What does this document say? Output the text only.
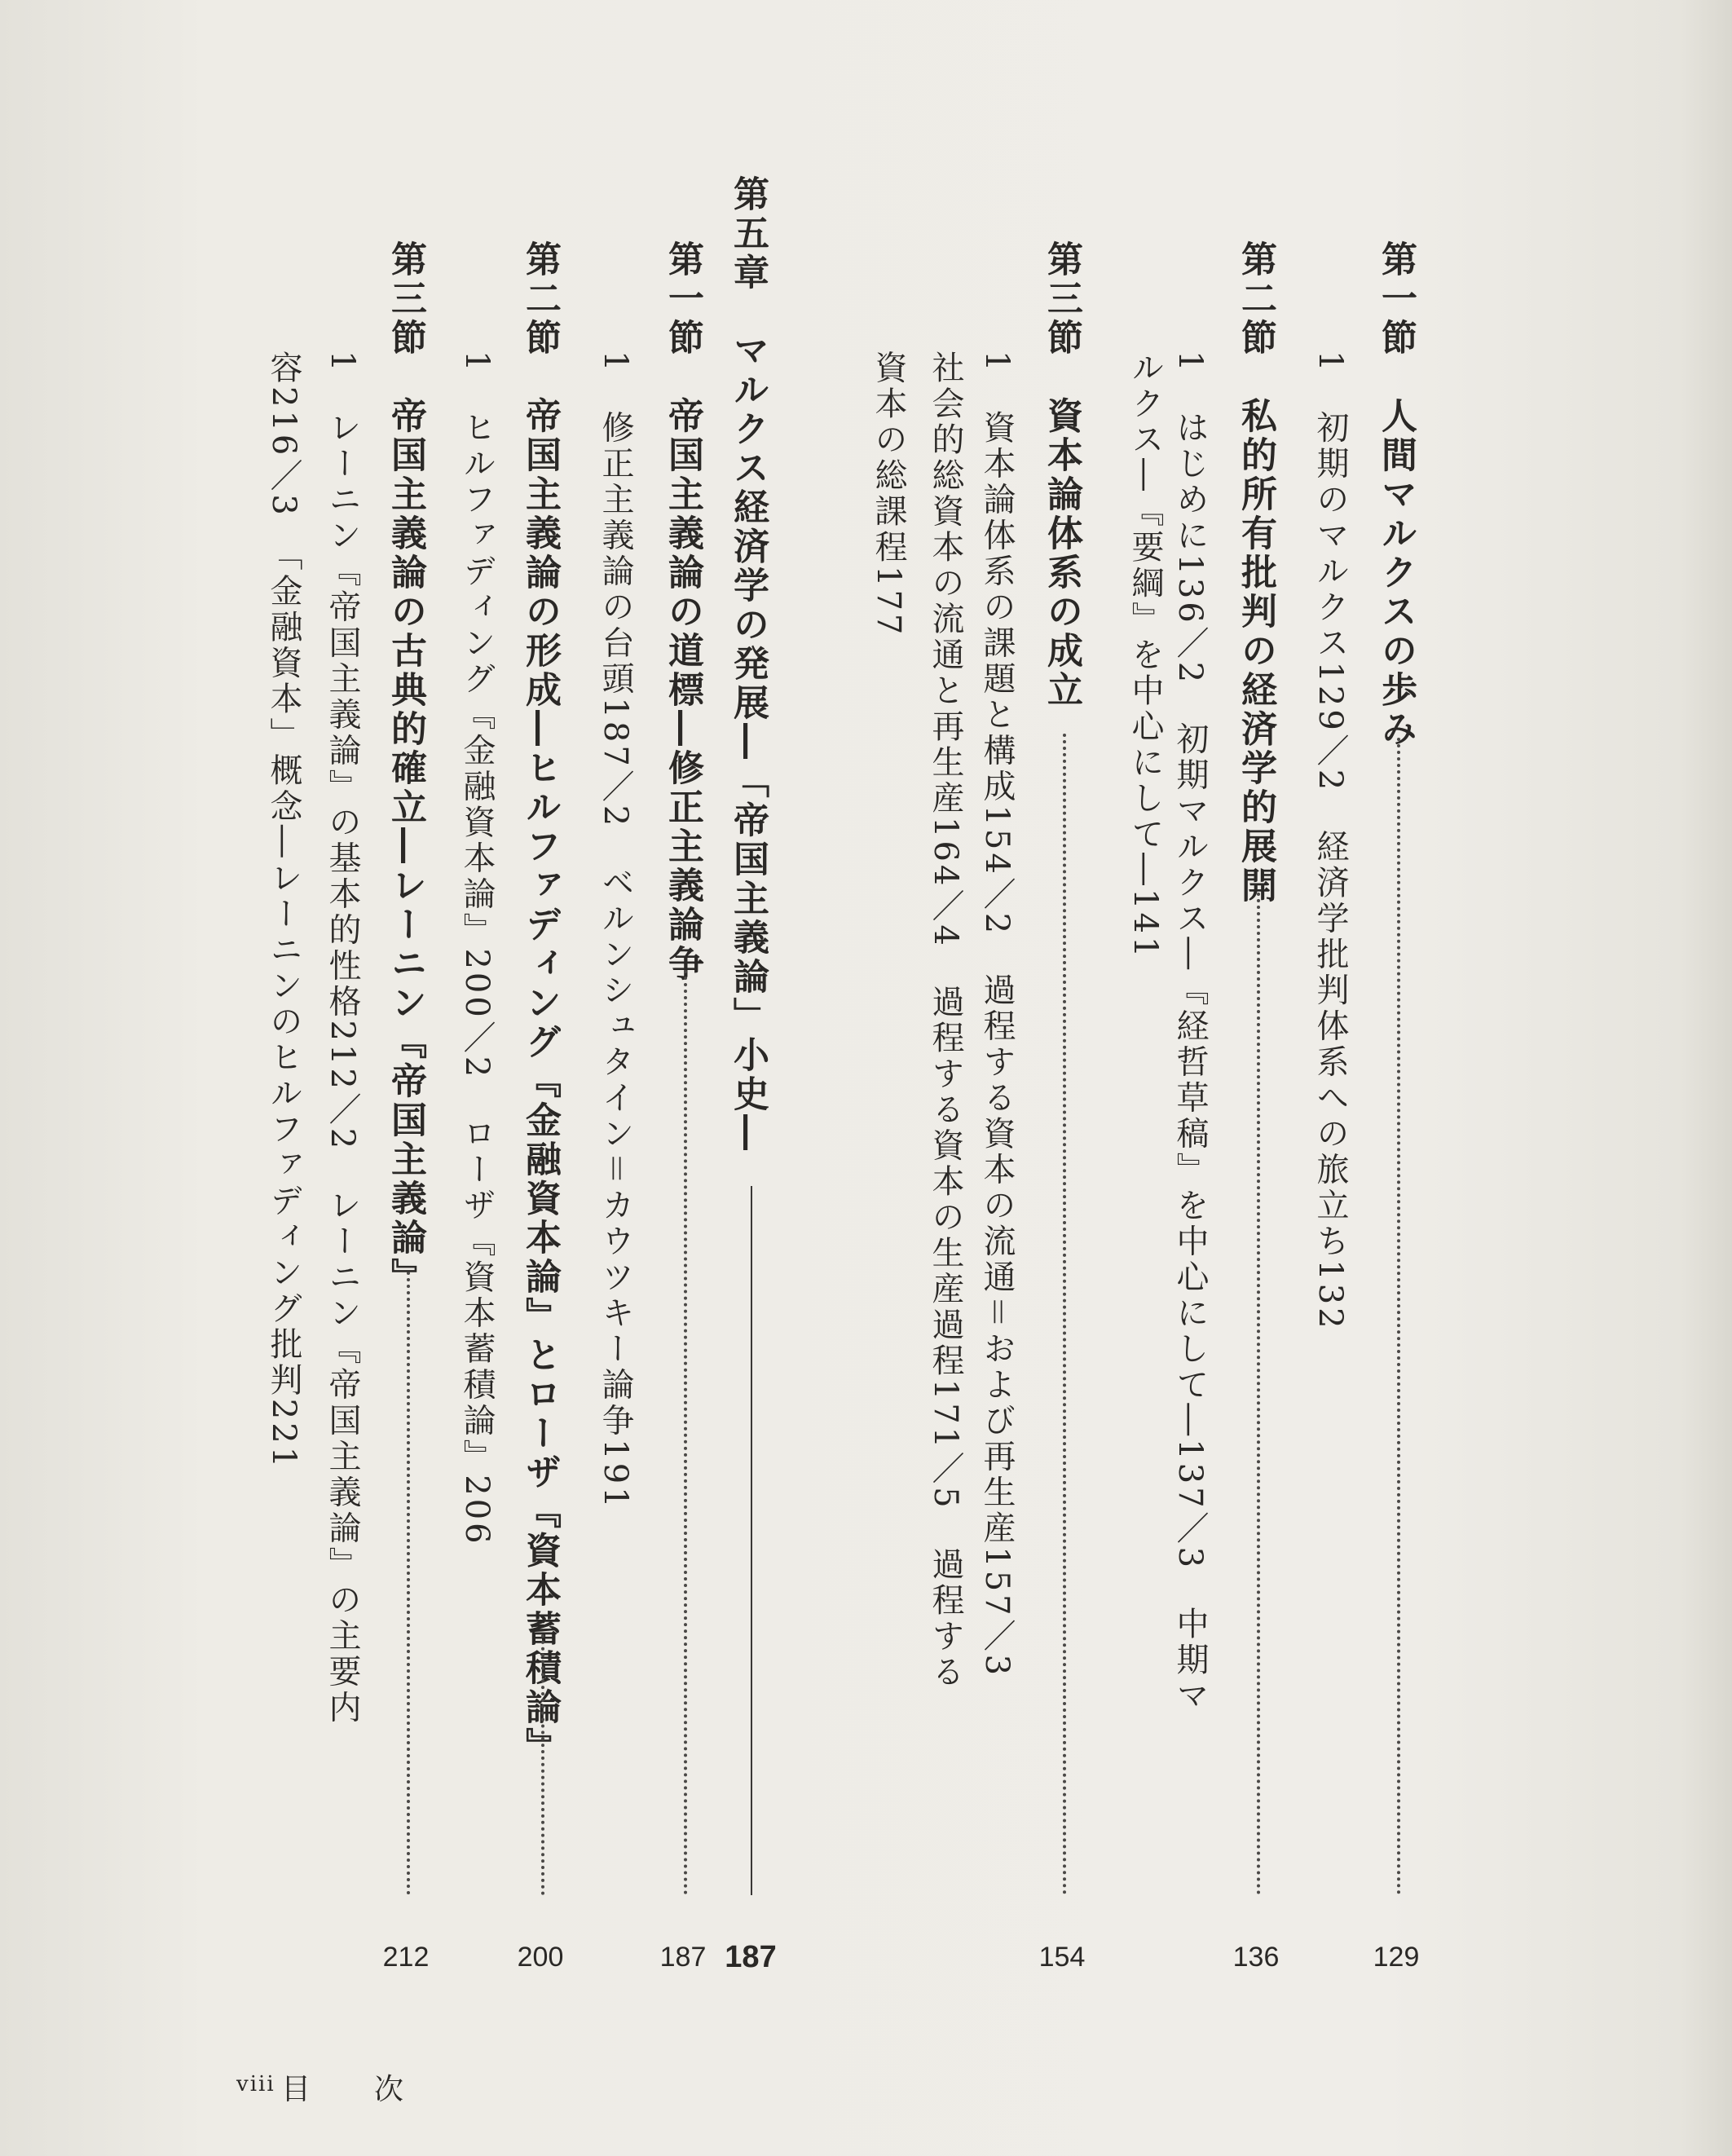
第一節　人間マルクスの歩み
129
1　初期のマルクス129／2　経済学批判体系への旅立ち132
第二節　私的所有批判の経済学的展開
136
1　はじめに136／2　初期マルクス―『経哲草稿』を中心にして―137／3　中期マ
ルクス―『要綱』を中心にして―141
第三節　資本論体系の成立
154
1　資本論体系の課題と構成154／2　過程する資本の流通＝および再生産157／3
社会的総資本の流通と再生産164／4　過程する資本の生産過程171／5　過程する
資本の総課程177
第五章　マルクス経済学の発展―「帝国主義論」小史―
187
第一節　帝国主義論の道標―修正主義論争
187
1　修正主義論の台頭187／2　ベルンシュタイン＝カウツキー論争191
第二節　帝国主義論の形成―ヒルファディング『金融資本論』とローザ『資本蓄積論』
200
1　ヒルファディング『金融資本論』200／2　ローザ『資本蓄積論』206
第三節　帝国主義論の古典的確立―レーニン『帝国主義論』
212
1　レーニン『帝国主義論』の基本的性格212／2　レーニン『帝国主義論』の主要内
容216／3　「金融資本」概念―レーニンのヒルファディング批判221
viii 目　　次
